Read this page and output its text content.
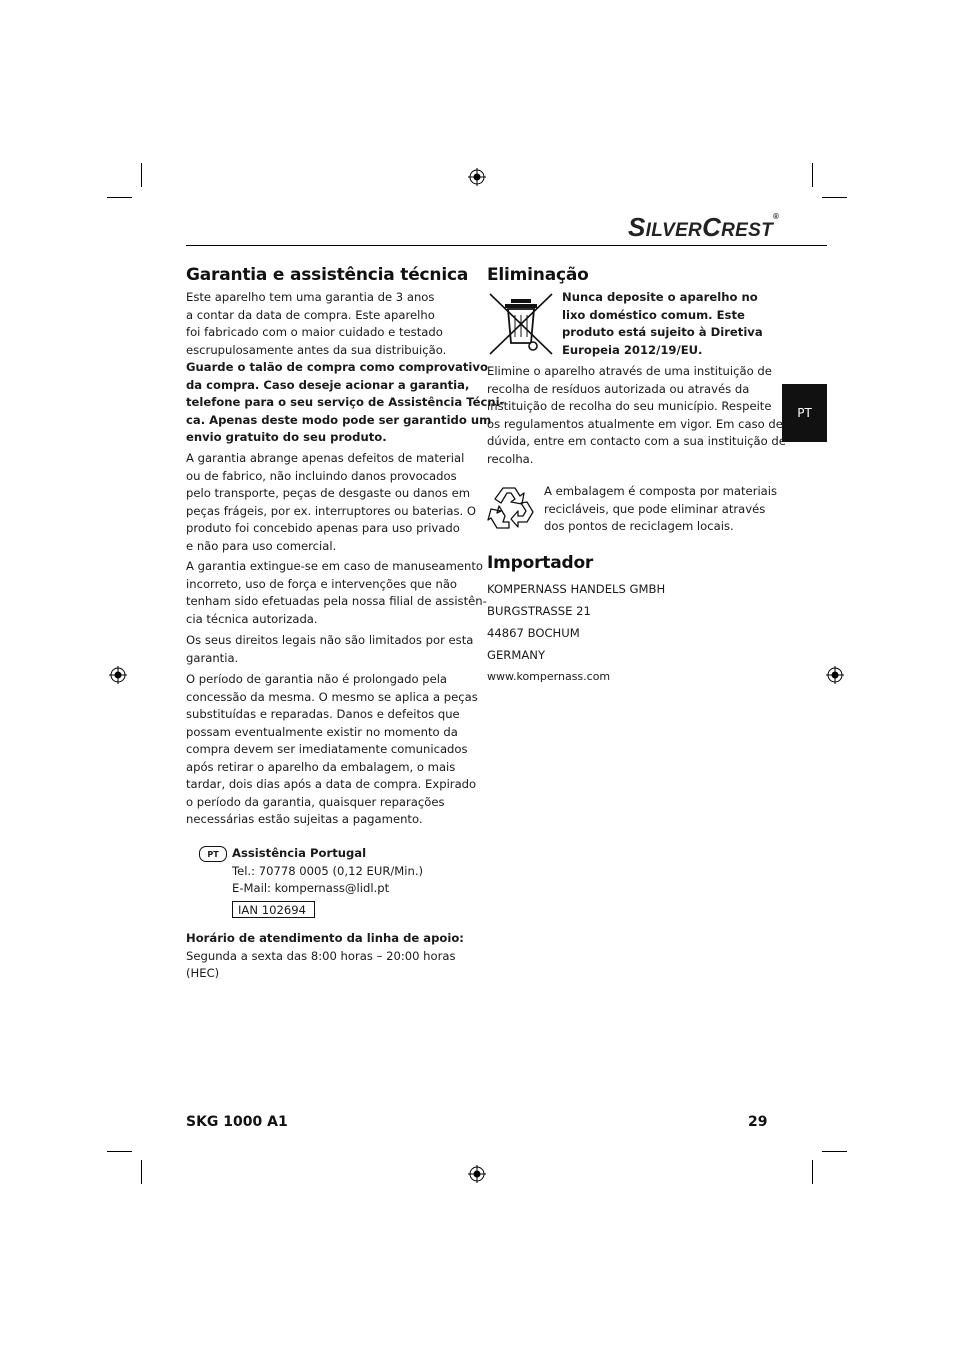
SILVERCREST®
PT
Garantia e assistência técnica
Este aparelho tem uma garantia de 3 anos
a contar da data de compra. Este aparelho
foi fabricado com o maior cuidado e testado
escrupulosamente antes da sua distribuição.
Guarde o talão de compra como comprovativo
da compra. Caso deseje acionar a garantia,
telefone para o seu serviço de Assistência Técni-
ca. Apenas deste modo pode ser garantido um
envio gratuito do seu produto.
A garantia abrange apenas defeitos de material
ou de fabrico, não incluindo danos provocados
pelo transporte, peças de desgaste ou danos em
peças frágeis, por ex. interruptores ou baterias. O
produto foi concebido apenas para uso privado
e não para uso comercial.
A garantia extingue-se em caso de manuseamento
incorreto, uso de força e intervenções que não
tenham sido efetuadas pela nossa filial de assistên-
cia técnica autorizada.
Os seus direitos legais não são limitados por esta
garantia.
O período de garantia não é prolongado pela
concessão da mesma. O mesmo se aplica a peças
substituídas e reparadas. Danos e defeitos que
possam eventualmente existir no momento da
compra devem ser imediatamente comunicados
após retirar o aparelho da embalagem, o mais
tardar, dois dias após a data de compra. Expirado
o período da garantia, quaisquer reparações
necessárias estão sujeitas a pagamento.
PT	Assistência Portugal
Tel.: 70778 0005 (0,12 EUR/Min.)
E-Mail: kompernass@lidl.pt
IAN 102694
Horário de atendimento da linha de apoio:
Segunda a sexta das 8:00 horas – 20:00 horas
(HEC)
Eliminação
Nunca deposite o aparelho no
lixo doméstico comum. Este
produto está sujeito à Diretiva
Europeia 2012/19/EU.
Elimine o aparelho através de uma instituição de
recolha de resíduos autorizada ou através da
instituição de recolha do seu município. Respeite
os regulamentos atualmente em vigor. Em caso de
dúvida, entre em contacto com a sua instituição de
recolha.
A embalagem é composta por materiais
recicláveis, que pode eliminar através
dos pontos de reciclagem locais.
Importador
KOMPERNASS HANDELS GMBH
BURGSTRASSE 21
44867 BOCHUM
GERMANY
www.kompernass.com
SKG 1000 A1	29
